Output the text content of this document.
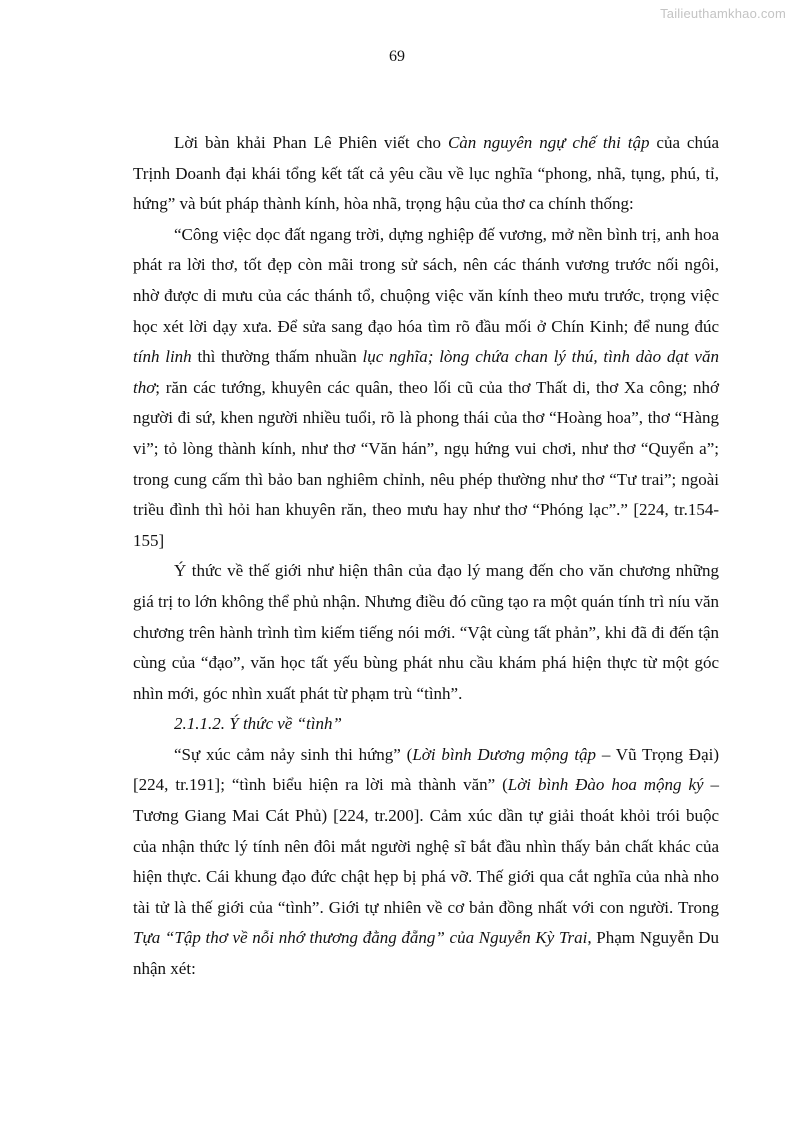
Tailieuthamkhao.com
69

Lời bàn khải Phan Lê Phiên viết cho Càn nguyên ngự chế thi tập của chúa Trịnh Doanh đại khái tổng kết tất cả yêu cầu về lục nghĩa “phong, nhã, tụng, phú, tỉ, hứng” và bút pháp thành kính, hòa nhã, trọng hậu của thơ ca chính thống:

“Công việc dọc đất ngang trời, dựng nghiệp đế vương, mở nền bình trị, anh hoa phát ra lời thơ, tốt đẹp còn mãi trong sử sách, nên các thánh vương trước nối ngôi, nhờ được di mưu của các thánh tổ, chuộng việc văn kính theo mưu trước, trọng việc học xét lời dạy xưa. Để sửa sang đạo hóa tìm rõ đầu mối ở Chín Kinh; để nung đúc tính linh thì thường thấm nhuần lục nghĩa; lòng chứa chan lý thú, tình dào dạt văn thơ; răn các tướng, khuyên các quân, theo lối cũ của thơ Thất di, thơ Xa công; nhớ người đi sứ, khen người nhiều tuổi, rõ là phong thái của thơ “Hoàng hoa”, thơ “Hàng vi”; tỏ lòng thành kính, như thơ “Văn hán”, ngụ hứng vui chơi, như thơ “Quyển a”; trong cung cấm thì bảo ban nghiêm chỉnh, nêu phép thường như thơ “Tư trai”; ngoài triều đình thì hỏi han khuyên răn, theo mưu hay như thơ “Phóng lạc”.” [224, tr.154-155]

Ý thức về thế giới như hiện thân của đạo lý mang đến cho văn chương những giá trị to lớn không thể phủ nhận. Nhưng điều đó cũng tạo ra một quán tính trì níu văn chương trên hành trình tìm kiếm tiếng nói mới. “Vật cùng tất phản”, khi đã đi đến tận cùng của “đạo”, văn học tất yếu bùng phát nhu cầu khám phá hiện thực từ một góc nhìn mới, góc nhìn xuất phát từ phạm trù “tình”.

2.1.1.2. Ý thức về “tình”

“Sự xúc cảm nảy sinh thi hứng” (Lời bình Dương mộng tập – Vũ Trọng Đại) [224, tr.191]; “tình biểu hiện ra lời mà thành văn” (Lời bình Đào hoa mộng ký – Tương Giang Mai Cát Phủ) [224, tr.200]. Cảm xúc dần tự giải thoát khỏi trói buộc của nhận thức lý tính nên đôi mắt người nghệ sĩ bắt đầu nhìn thấy bản chất khác của hiện thực. Cái khung đạo đức chật hẹp bị phá vỡ. Thế giới qua cắt nghĩa của nhà nho tài tử là thế giới của “tình”. Giới tự nhiên về cơ bản đồng nhất với con người. Trong Tựa “Tập thơ về nỗi nhớ thương đằng đẵng” của Nguyễn Kỳ Trai, Phạm Nguyễn Du nhận xét:
